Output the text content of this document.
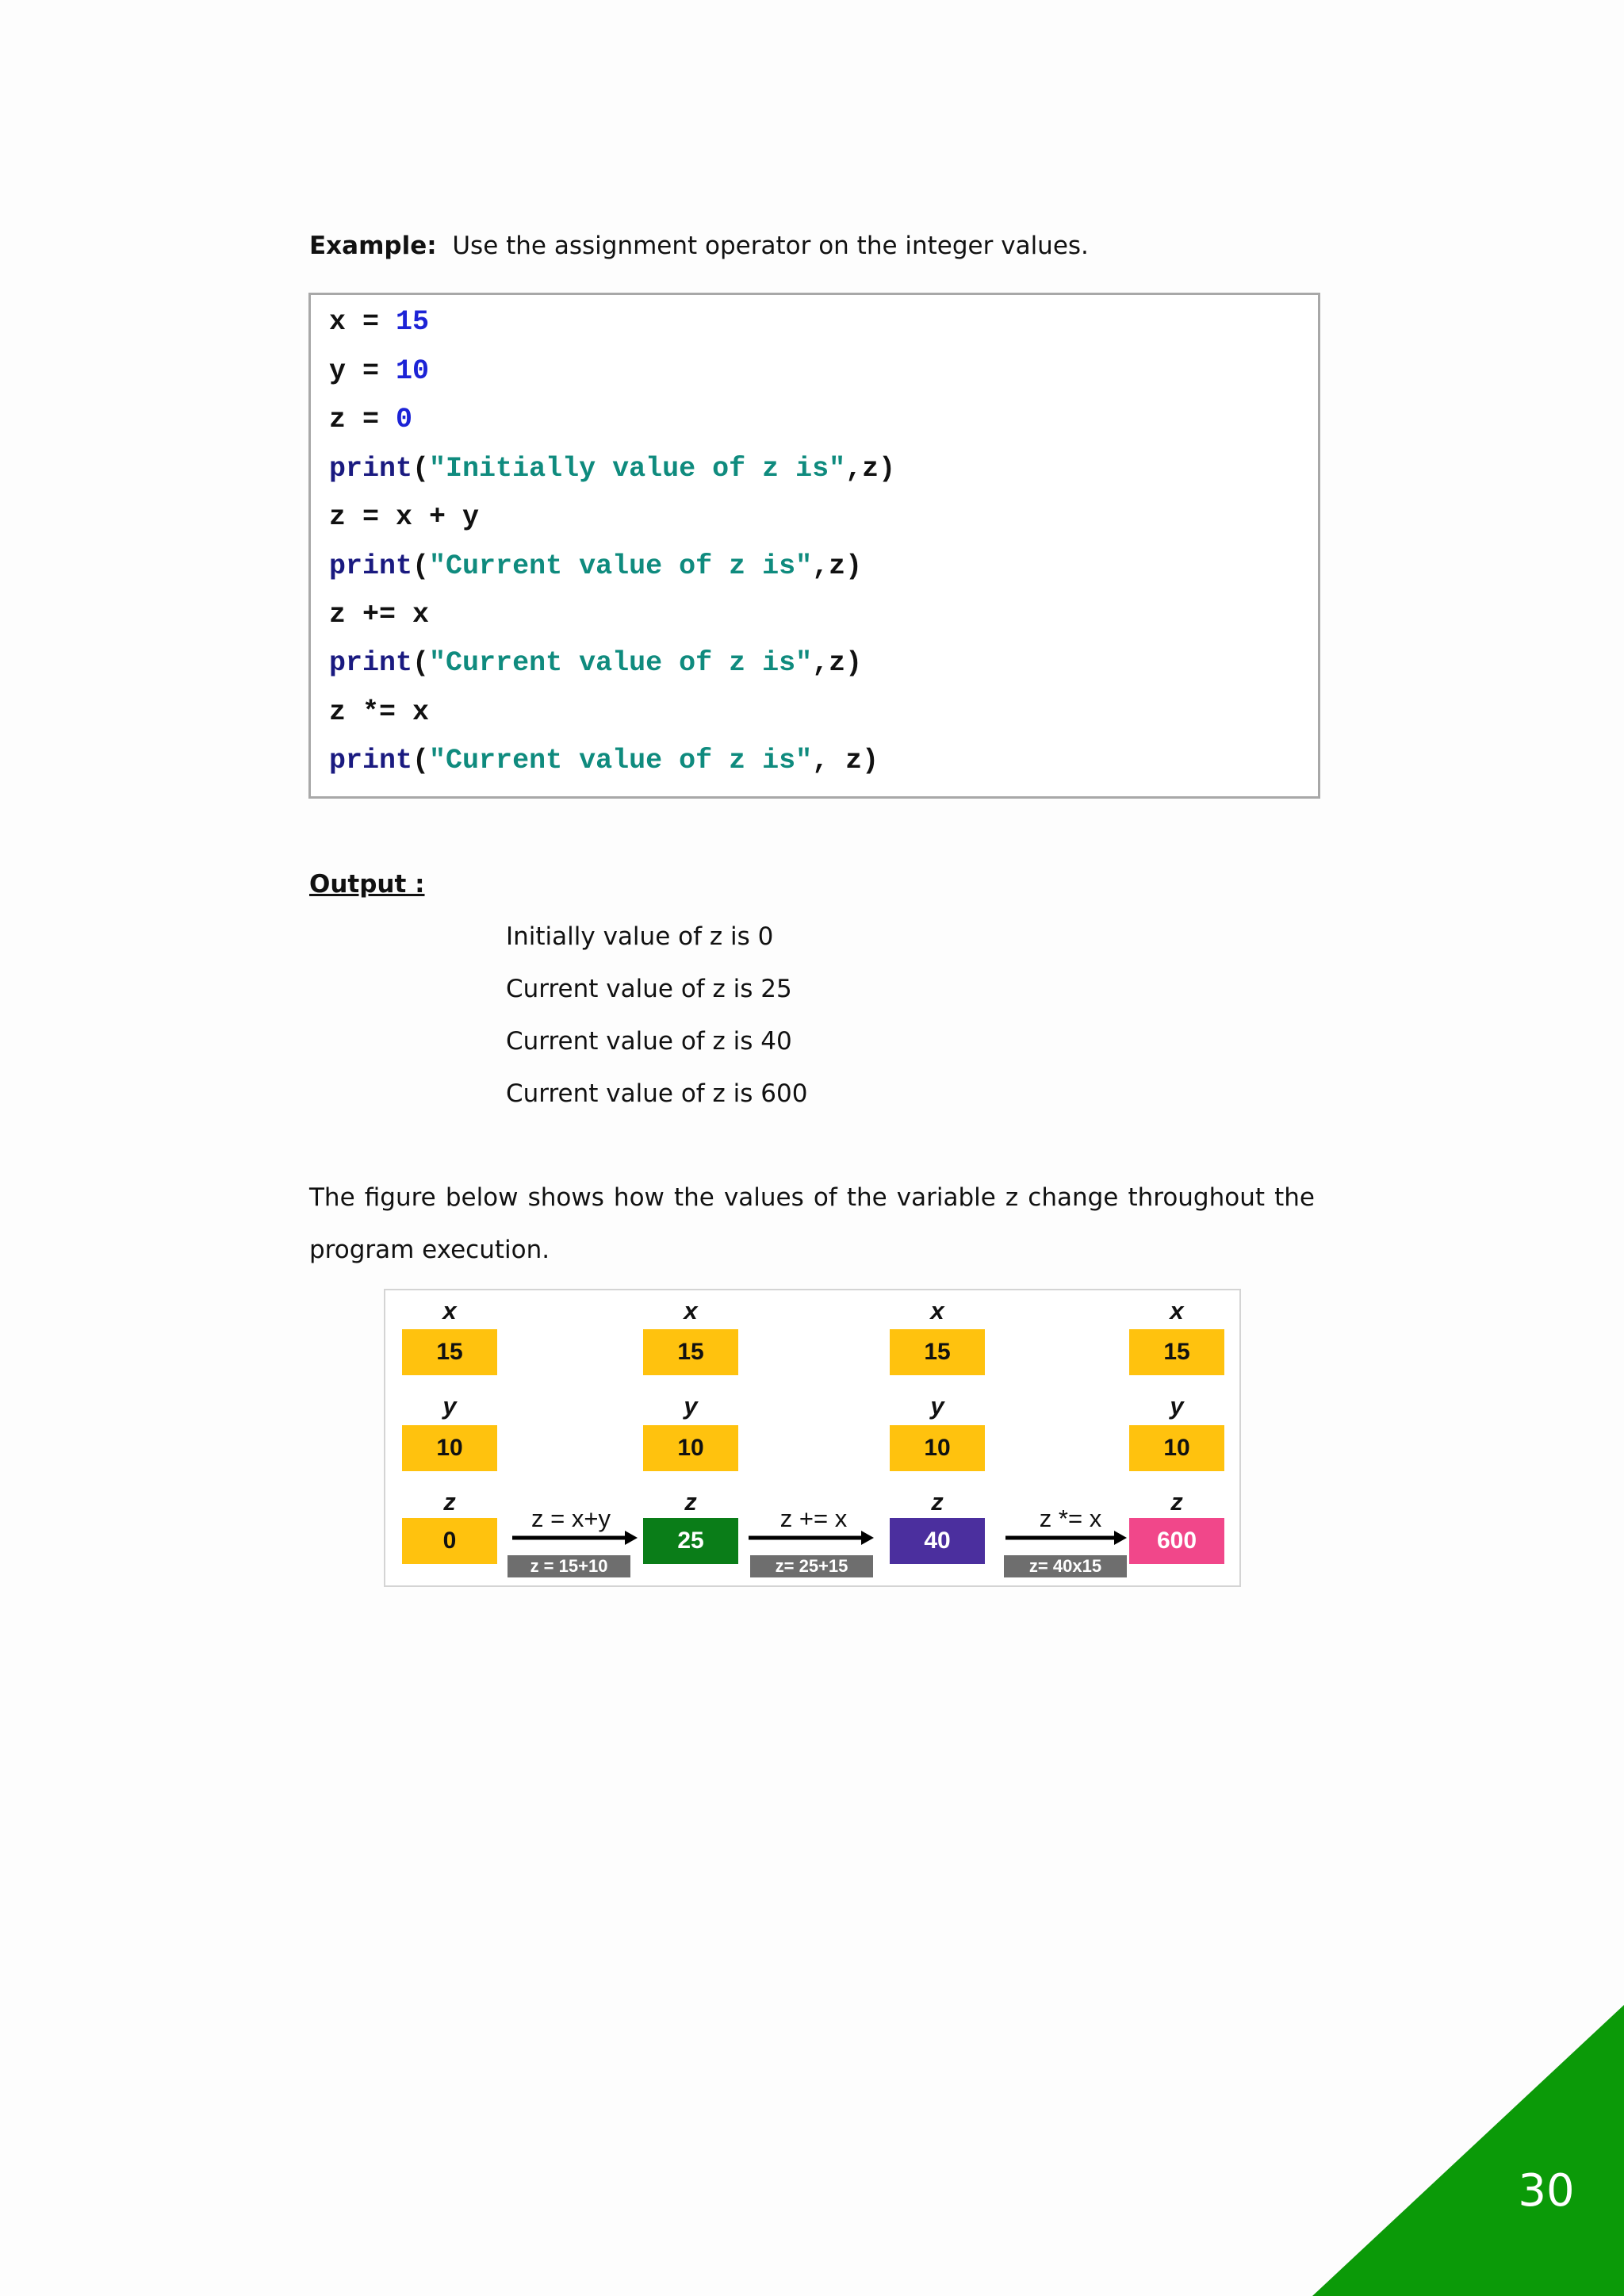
Example: Use the assignment operator on the integer values.
x = 15
y = 10
z = 0
print("Initially value of z is",z)
z = x + y
print("Current value of z is",z)
z += x
print("Current value of z is",z)
z *= x
print("Current value of z is", z)
Output :
Initially value of z is 0
Current value of z is 25
Current value of z is 40
Current value of z is 600
The figure below shows how the values of the variable z change throughout the
program execution.
x
15
y
10
z
0
x
15
y
10
z
25
x
15
y
10
z
40
x
15
y
10
z
600
z = x+y
z = 15+10
z += x
z= 25+15
z *= x
z= 40x15
30
